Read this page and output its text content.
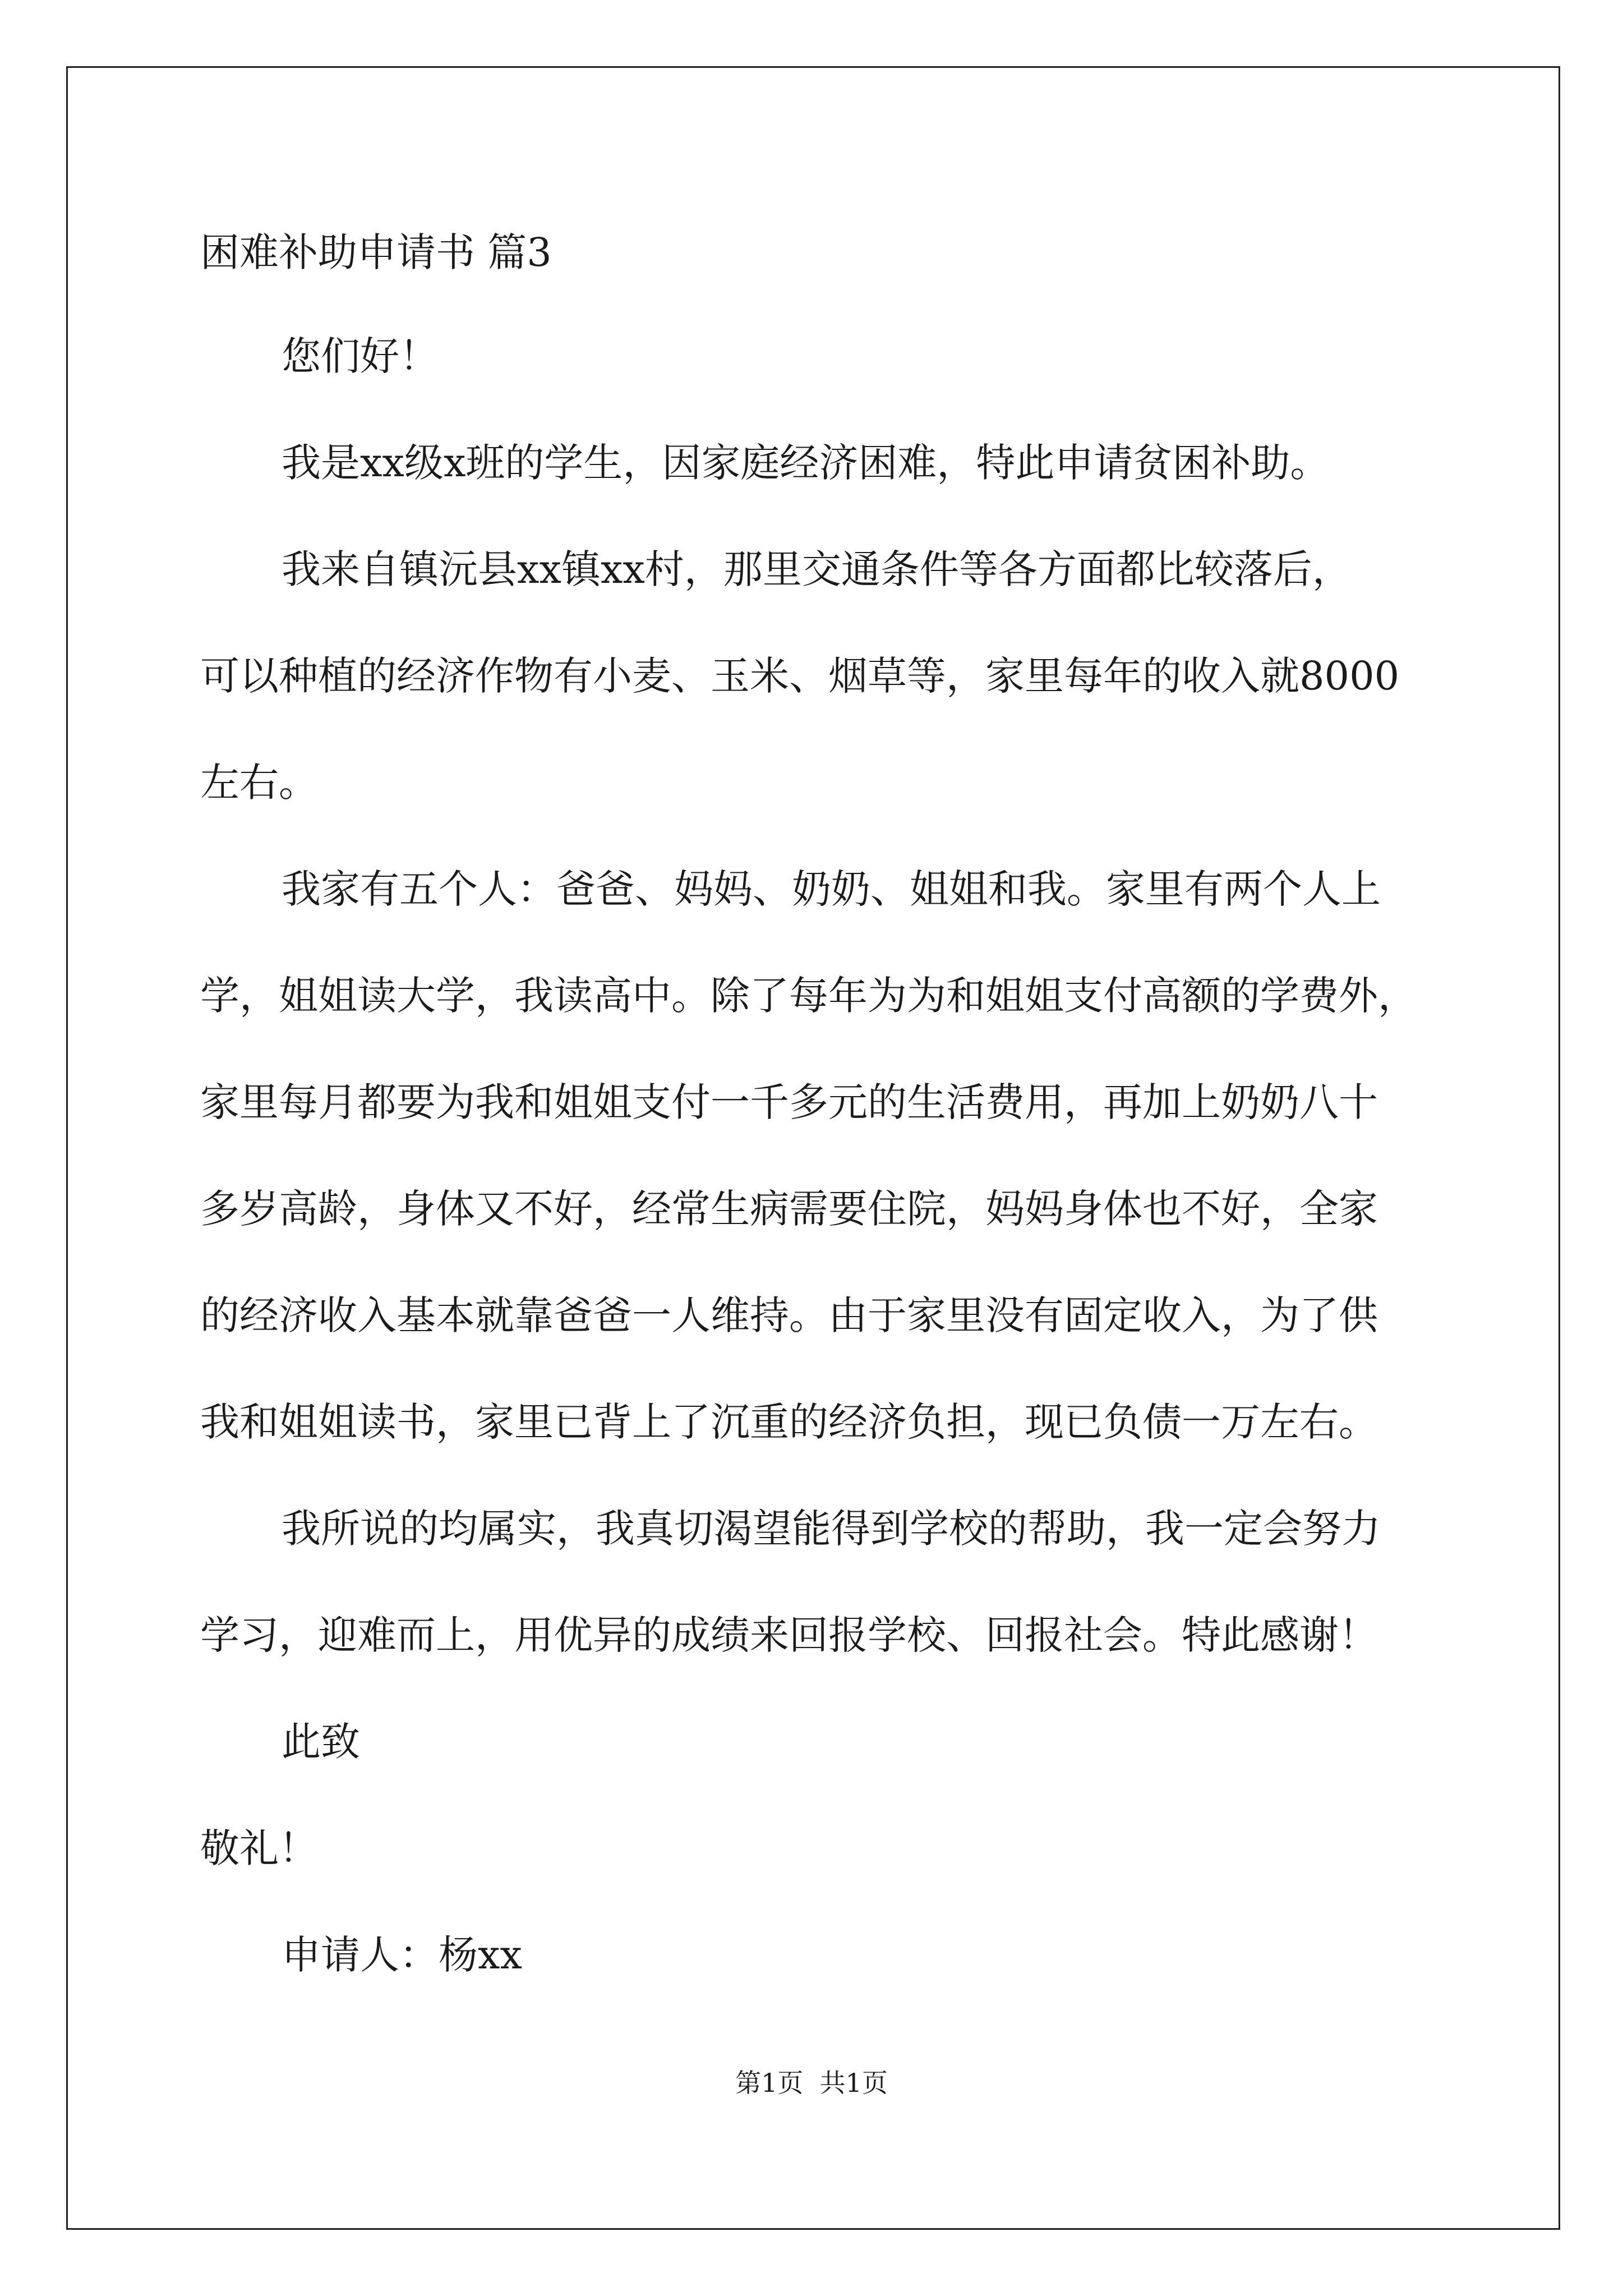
困难补助申请书 篇3

您们好！

我是xx级x班的学生，因家庭经济困难，特此申请贫困补助。

我来自镇沅县xx镇xx村，那里交通条件等各方面都比较落后，

可以种植的经济作物有小麦、玉米、烟草等，家里每年的收入就8000

左右。

我家有五个人：爸爸、妈妈、奶奶、姐姐和我。家里有两个人上

学，姐姐读大学，我读高中。除了每年为为和姐姐支付高额的学费外，

家里每月都要为我和姐姐支付一千多元的生活费用，再加上奶奶八十

多岁高龄，身体又不好，经常生病需要住院，妈妈身体也不好，全家

的经济收入基本就靠爸爸一人维持。由于家里没有固定收入，为了供

我和姐姐读书，家里已背上了沉重的经济负担，现已负债一万左右。

我所说的均属实，我真切渴望能得到学校的帮助，我一定会努力

学习，迎难而上，用优异的成绩来回报学校、回报社会。特此感谢！

此致

敬礼！

申请人：杨xx

第1页  共1页
